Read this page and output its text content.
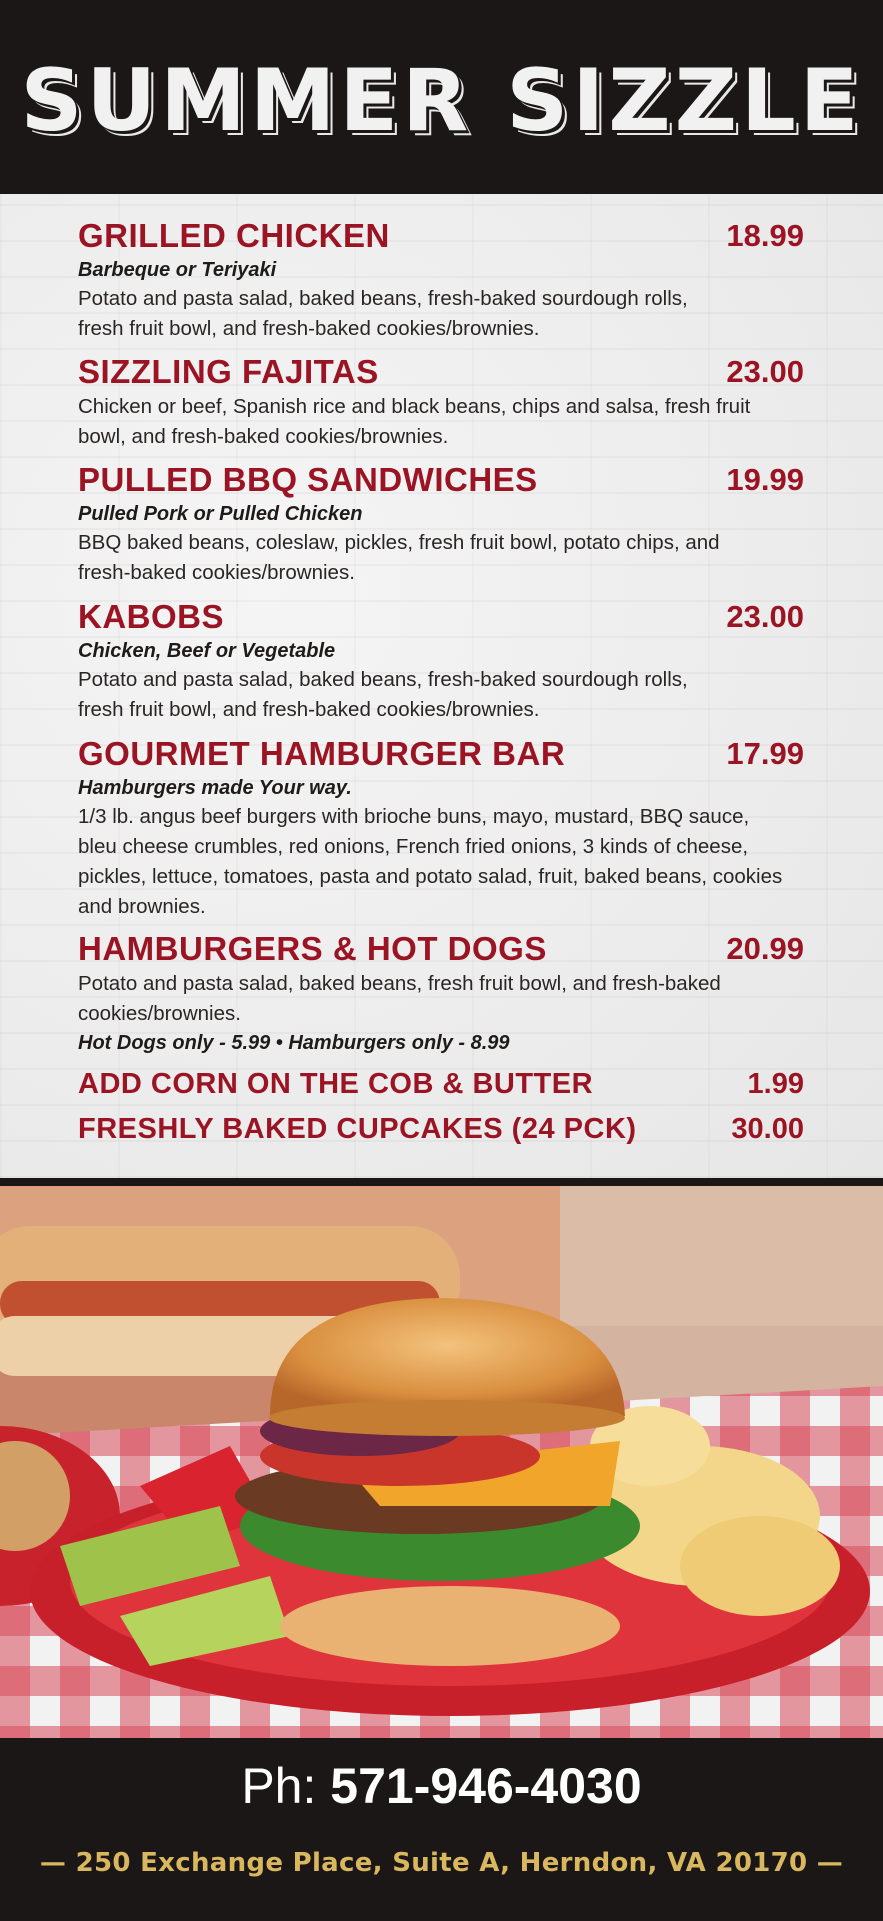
SUMMER SIZZLE
GRILLED CHICKEN	18.99
Barbeque or Teriyaki
Potato and pasta salad, baked beans, fresh-baked sourdough rolls,
fresh fruit bowl, and fresh-baked cookies/brownies.
SIZZLING FAJITAS	23.00
Chicken or beef, Spanish rice and black beans, chips and salsa, fresh fruit
bowl, and fresh-baked cookies/brownies.
PULLED BBQ SANDWICHES	19.99
Pulled Pork or Pulled Chicken
BBQ baked beans, coleslaw, pickles, fresh fruit bowl, potato chips, and
fresh-baked cookies/brownies.
KABOBS	23.00
Chicken, Beef or Vegetable
Potato and pasta salad, baked beans, fresh-baked sourdough rolls,
fresh fruit bowl, and fresh-baked cookies/brownies.
GOURMET HAMBURGER BAR	17.99
Hamburgers made Your way.
1/3 lb. angus beef burgers with brioche buns, mayo, mustard, BBQ sauce,
bleu cheese crumbles, red onions, French fried onions, 3 kinds of cheese,
pickles, lettuce, tomatoes, pasta and potato salad, fruit, baked beans, cookies
and brownies.
HAMBURGERS & HOT DOGS	20.99
Potato and pasta salad, baked beans, fresh fruit bowl, and fresh-baked
cookies/brownies.
Hot Dogs only - 5.99 • Hamburgers only - 8.99
ADD CORN ON THE COB & BUTTER	1.99
FRESHLY BAKED CUPCAKES (24 PCK)	30.00
Ph: 571-946-4030
— 250 Exchange Place, Suite A, Herndon, VA 20170 —
